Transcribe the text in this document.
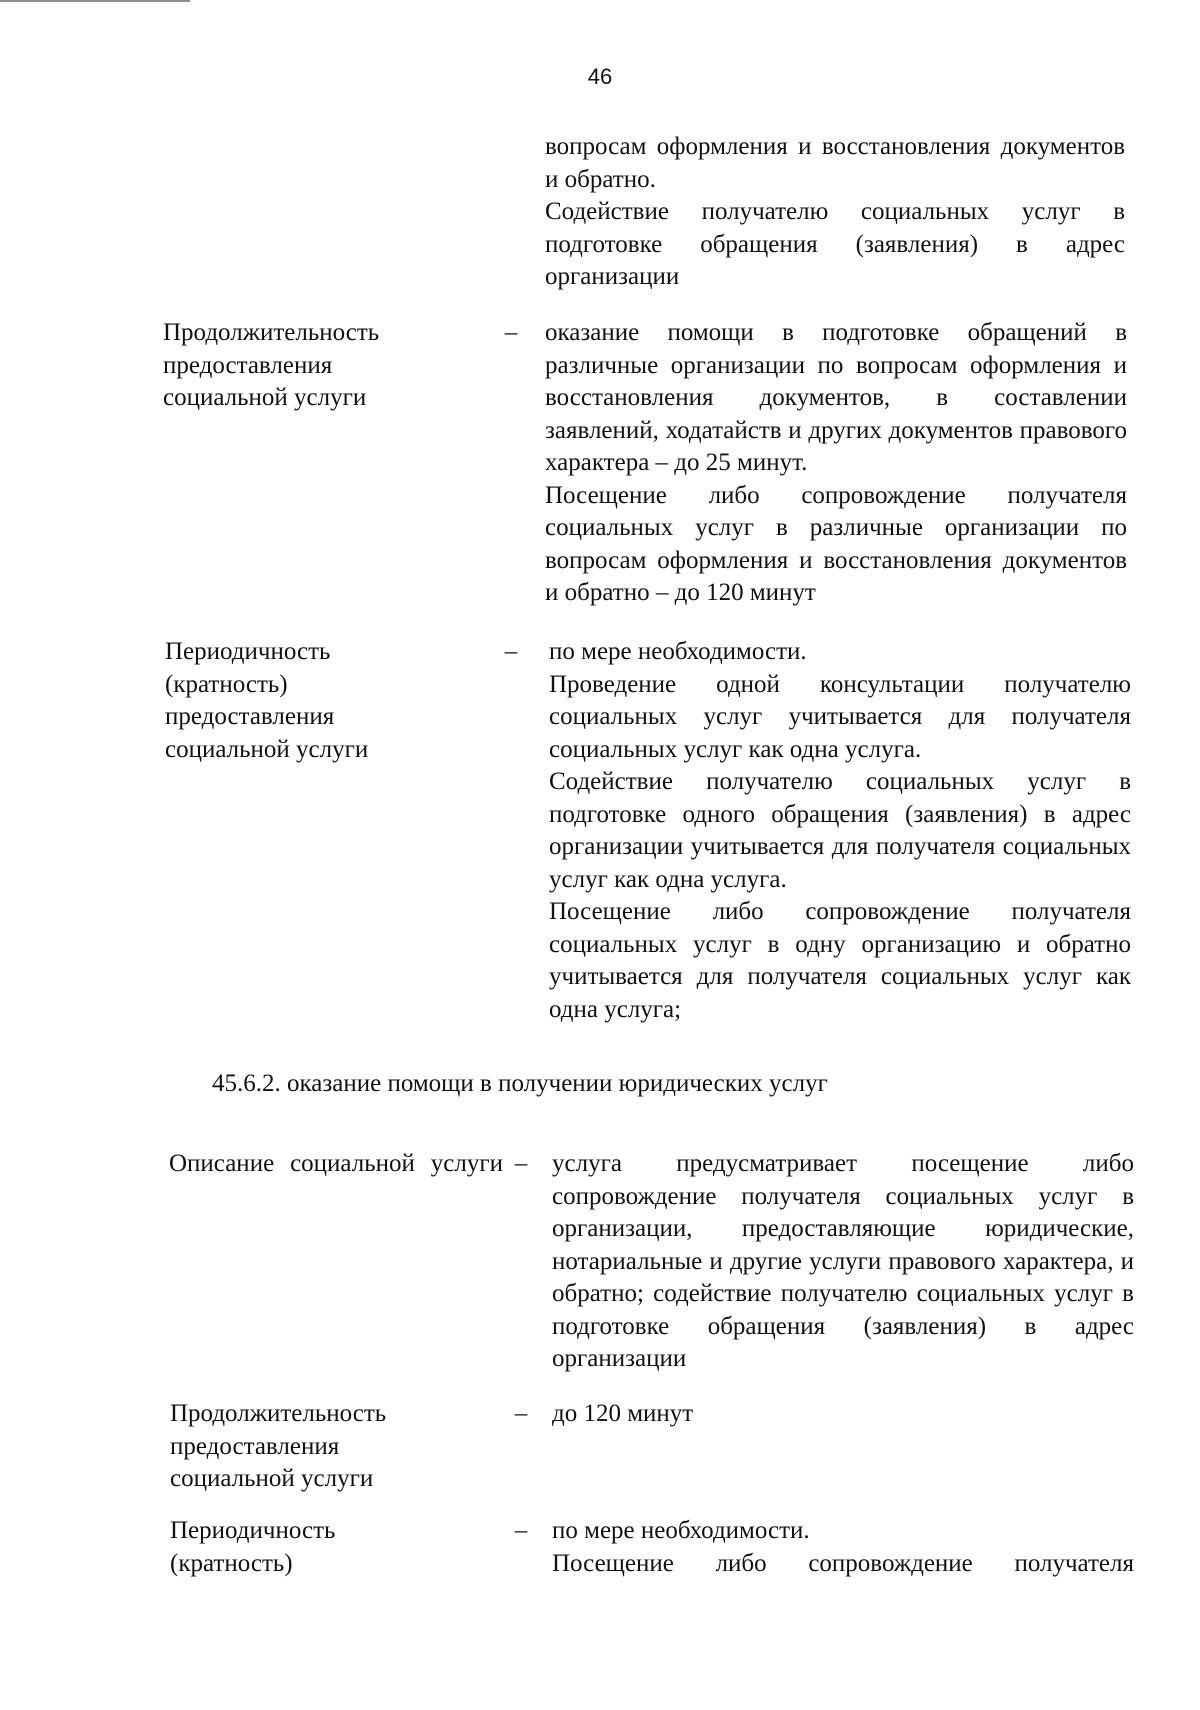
46

вопросам оформления и восстановления документов и обратно.

Содействие получателю социальных услуг в подготовке обращения (заявления) в адрес организации

Продолжительность предоставления социальной услуги
–	оказание помощи в подготовке обращений в различные организации по вопросам оформления и восстановления документов, в составлении заявлений, ходатайств и других документов правового характера – до 25 минут.

Посещение либо сопровождение получателя социальных услуг в различные организации по вопросам оформления и восстановления документов и обратно – до 120 минут

Периодичность (кратность) предоставления социальной услуги
–	по мере необходимости.

Проведение одной консультации получателю социальных услуг учитывается для получателя социальных услуг как одна услуга.

Содействие получателю социальных услуг в подготовке одного обращения (заявления) в адрес организации учитывается для получателя социальных услуг как одна услуга.

Посещение либо сопровождение получателя социальных услуг в одну организацию и обратно учитывается для получателя социальных услуг как одна услуга;

45.6.2. оказание помощи в получении юридических услуг
Описание социальной услуги – услуга предусматривает посещение либо сопровождение получателя социальных услуг в организации, предоставляющие юридические, нотариальные и другие услуги правового характера, и обратно; содействие получателю социальных услуг в подготовке обращения (заявления) в адрес организации

Продолжительность предоставления социальной услуги
– до 120 минут

Периодичность (кратность)
– по мере необходимости.

Посещение либо сопровождение получателя
